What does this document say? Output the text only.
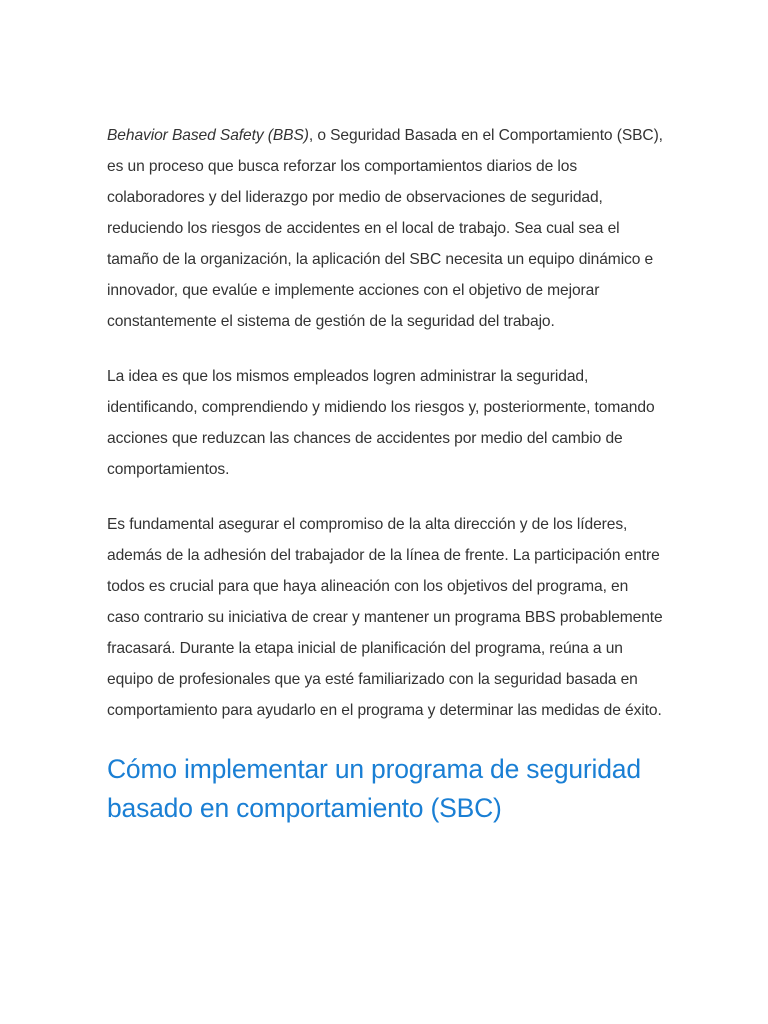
Behavior Based Safety (BBS), o Seguridad Basada en el Comportamiento (SBC), es un proceso que busca reforzar los comportamientos diarios de los colaboradores y del liderazgo por medio de observaciones de seguridad, reduciendo los riesgos de accidentes en el local de trabajo. Sea cual sea el tamaño de la organización, la aplicación del SBC necesita un equipo dinámico e innovador, que evalúe e implemente acciones con el objetivo de mejorar constantemente el sistema de gestión de la seguridad del trabajo.

La idea es que los mismos empleados logren administrar la seguridad, identificando, comprendiendo y midiendo los riesgos y, posteriormente, tomando acciones que reduzcan las chances de accidentes por medio del cambio de comportamientos.

Es fundamental asegurar el compromiso de la alta dirección y de los líderes, además de la adhesión del trabajador de la línea de frente. La participación entre todos es crucial para que haya alineación con los objetivos del programa, en caso contrario su iniciativa de crear y mantener un programa BBS probablemente fracasará. Durante la etapa inicial de planificación del programa, reúna a un equipo de profesionales que ya esté familiarizado con la seguridad basada en comportamiento para ayudarlo en el programa y determinar las medidas de éxito.

Cómo implementar un programa de seguridad basado en comportamiento (SBC)
